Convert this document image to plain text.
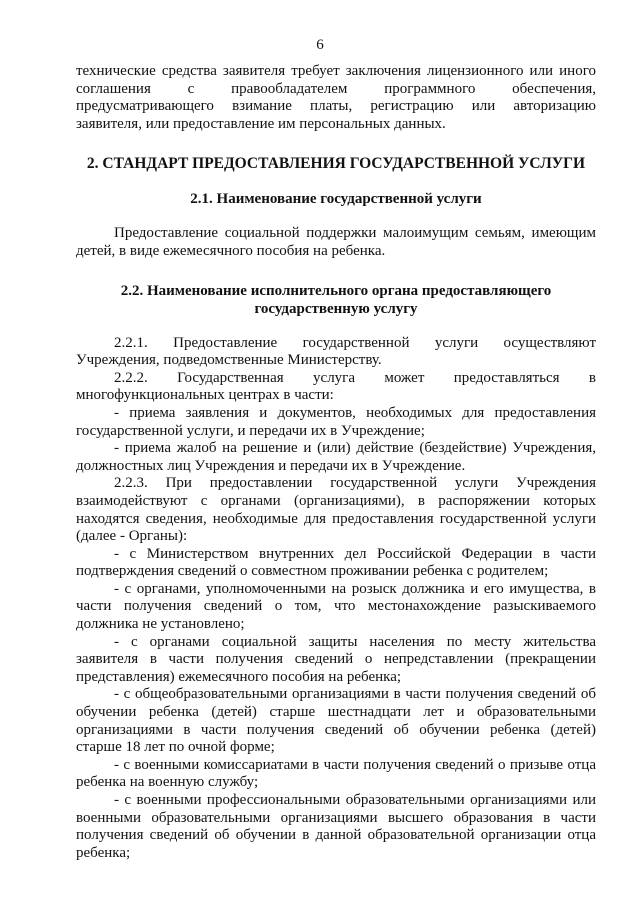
6

технические средства заявителя требует заключения лицензионного или иного

соглашения с правообладателем программного обеспечения,

предусматривающего взимание платы, регистрацию или авторизацию

заявителя, или предоставление им персональных данных.

2. СТАНДАРТ ПРЕДОСТАВЛЕНИЯ ГОСУДАРСТВЕННОЙ УСЛУГИ

2.1. Наименование государственной услуги

Предоставление социальной поддержки малоимущим семьям, имеющим

детей, в виде ежемесячного пособия на ребенка.

2.2. Наименование исполнительного органа предоставляющего

государственную услугу

2.2.1. Предоставление государственной услуги осуществляют

Учреждения, подведомственные Министерству.

2.2.2. Государственная услуга может предоставляться в

многофункциональных центрах в части:

- приема заявления и документов, необходимых для предоставления

государственной услуги, и передачи их в Учреждение;

- приема жалоб на решение и (или) действие (бездействие) Учреждения,

должностных лиц Учреждения и передачи их в Учреждение.

2.2.3. При предоставлении государственной услуги Учреждения

взаимодействуют с органами (организациями), в распоряжении которых

находятся сведения, необходимые для предоставления государственной услуги

(далее - Органы):

- с Министерством внутренних дел Российской Федерации в части

подтверждения сведений о совместном проживании ребенка с родителем;

- с органами, уполномоченными на розыск должника и его имущества, в

части получения сведений о том, что местонахождение разыскиваемого

должника не установлено;

- с органами социальной защиты населения по месту жительства

заявителя в части получения сведений о непредставлении (прекращении

представления) ежемесячного пособия на ребенка;

- с общеобразовательными организациями в части получения сведений об

обучении ребенка (детей) старше шестнадцати лет и образовательными

организациями в части получения сведений об обучении ребенка (детей)

старше 18 лет по очной форме;

- с военными комиссариатами в части получения сведений о призыве отца

ребенка на военную службу;

- с военными профессиональными образовательными организациями или

военными образовательными организациями высшего образования в части

получения сведений об обучении в данной образовательной организации отца

ребенка;
